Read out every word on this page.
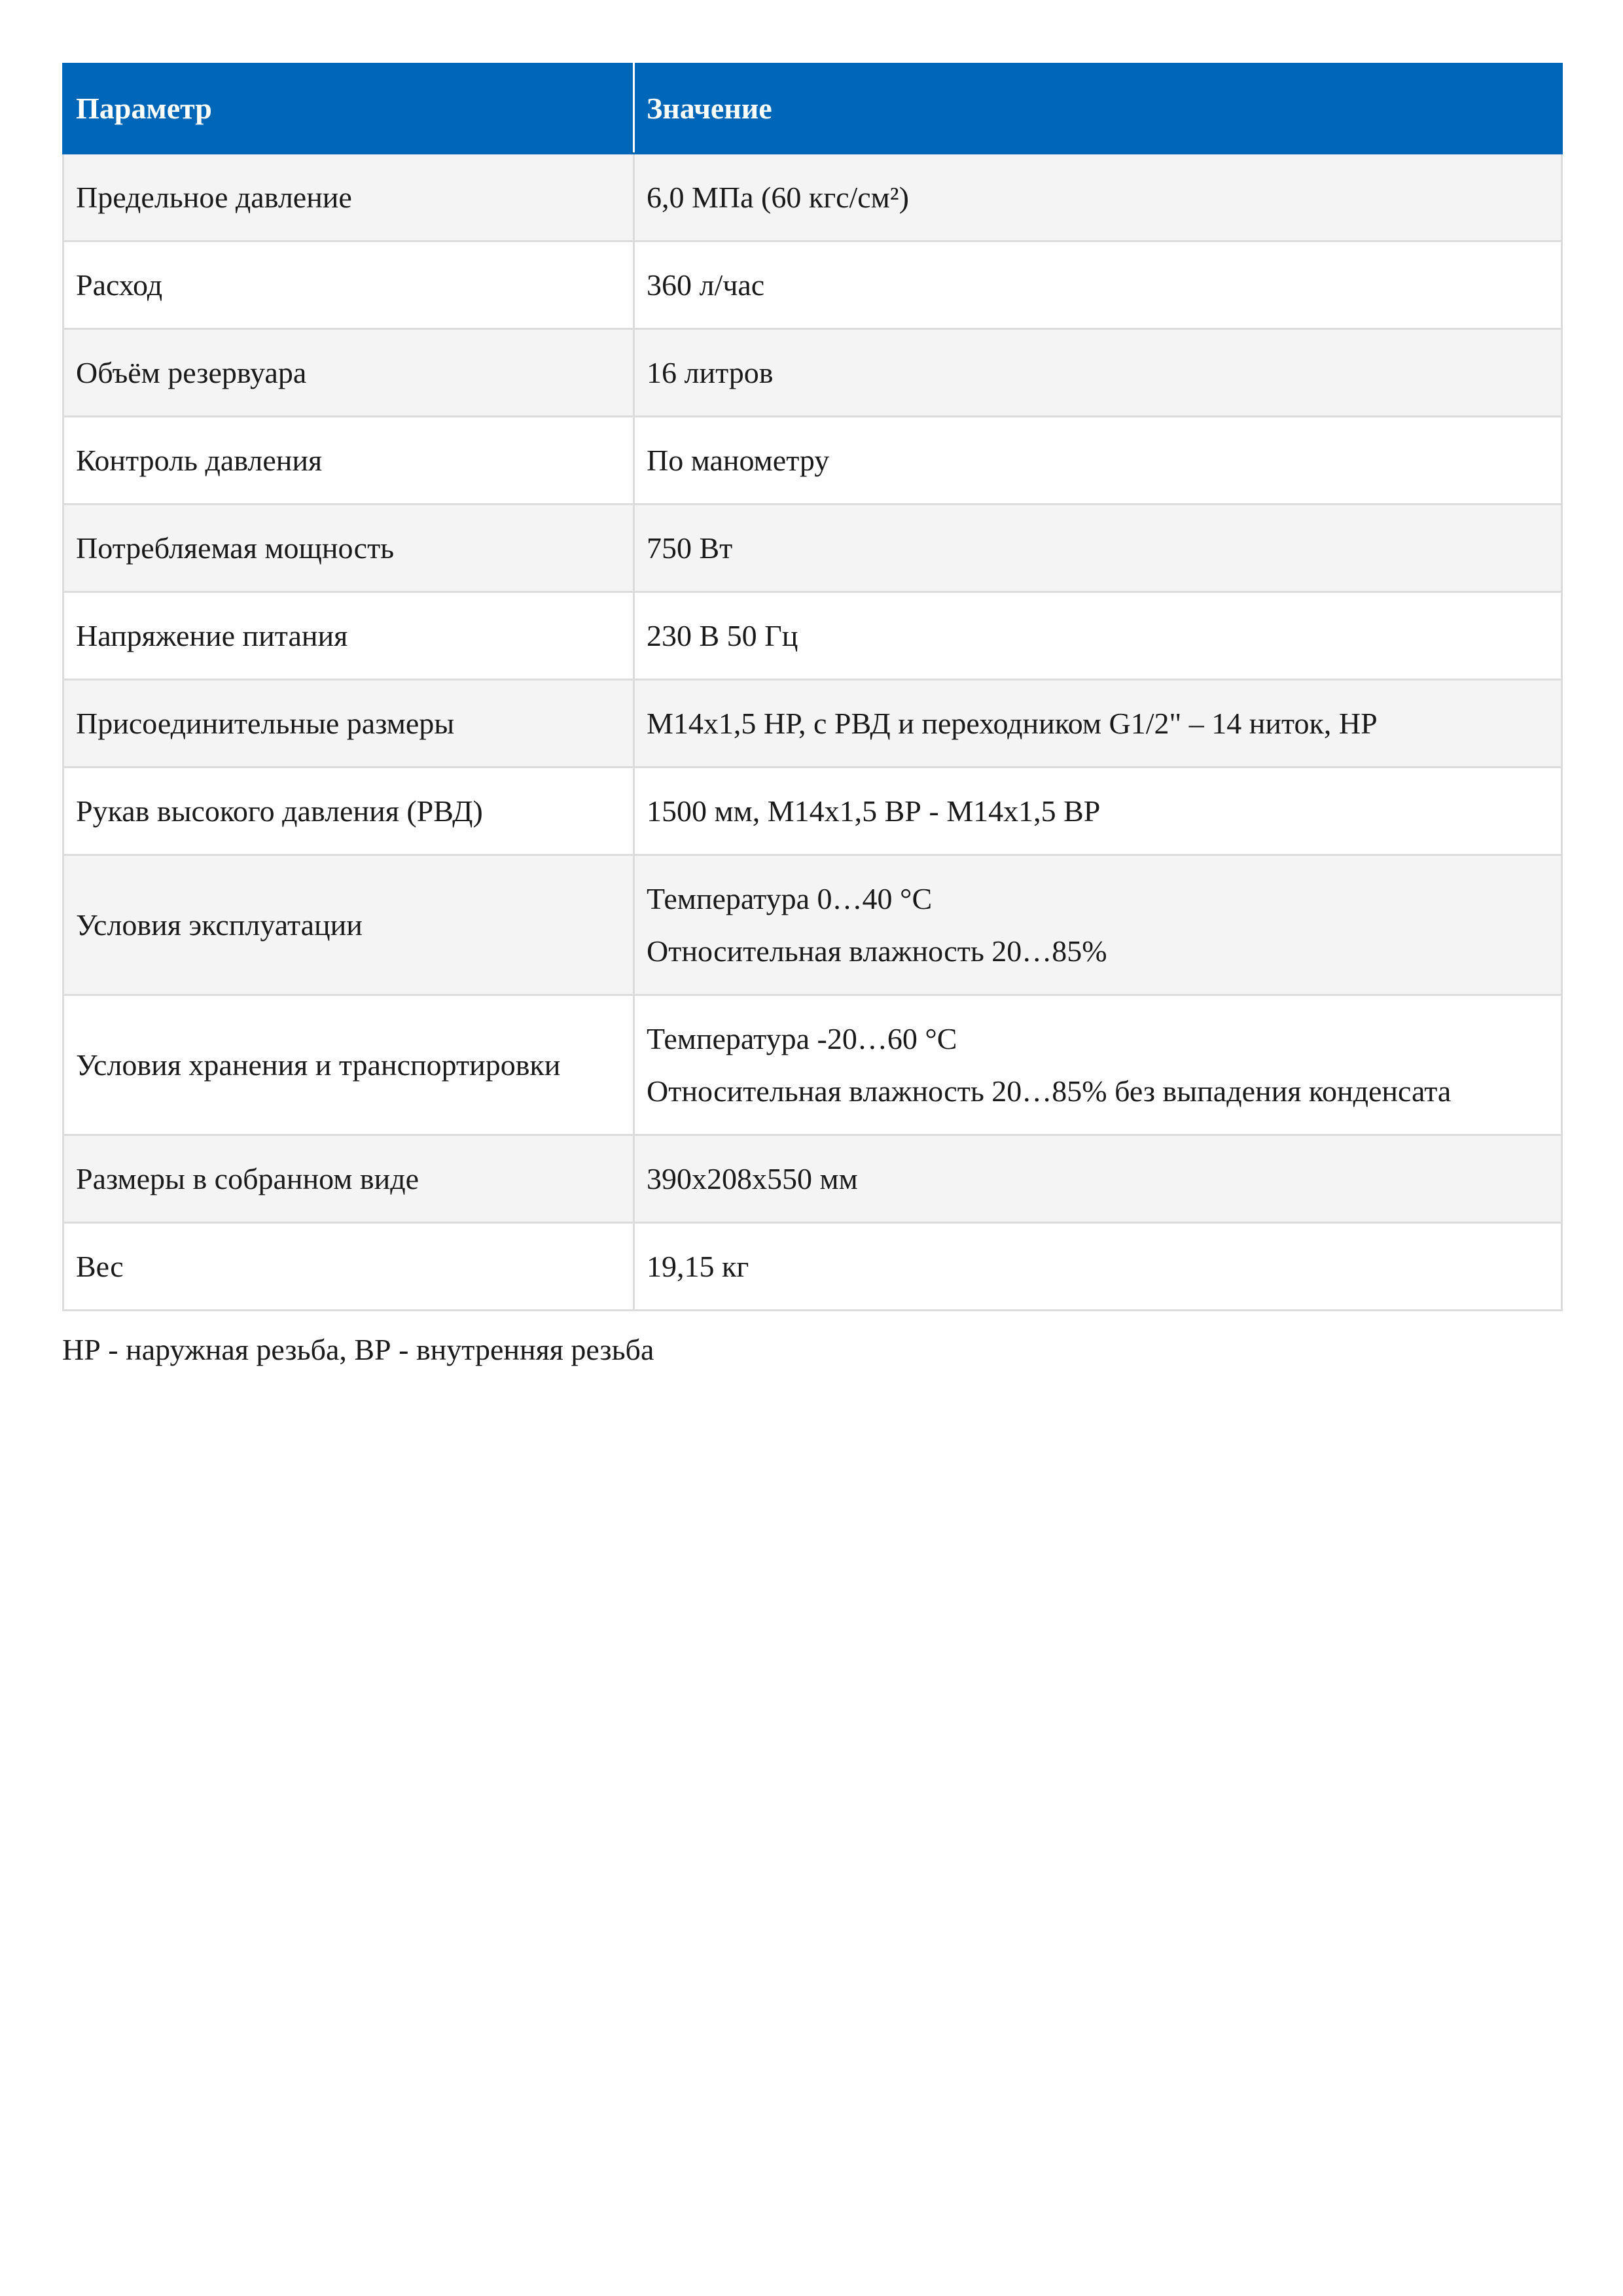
Параметр	Значение
Предельное давление	6,0 МПа (60 кгс/см²)

Расход	360 л/час

Объём резервуара	16 литров

Контроль давления	По манометру

Потребляемая мощность	750 Вт

Напряжение питания	230 В 50 Гц

Присоединительные размеры	М14х1,5 НР, с РВД и переходником G1/2" – 14 ниток, НР

Рукав высокого давления (РВД)	1500 мм, М14х1,5 ВР - М14х1,5 ВР

Условия эксплуатации	Температура 0…40 °С
Относительная влажность 20…85%

Условия хранения и транспортировки	Температура -20…60 °С
Относительная влажность 20…85% без выпадения конденсата

Размеры в собранном виде	390х208х550 мм

Вес	19,15 кг
НР - наружная резьба, ВР - внутренняя резьба
